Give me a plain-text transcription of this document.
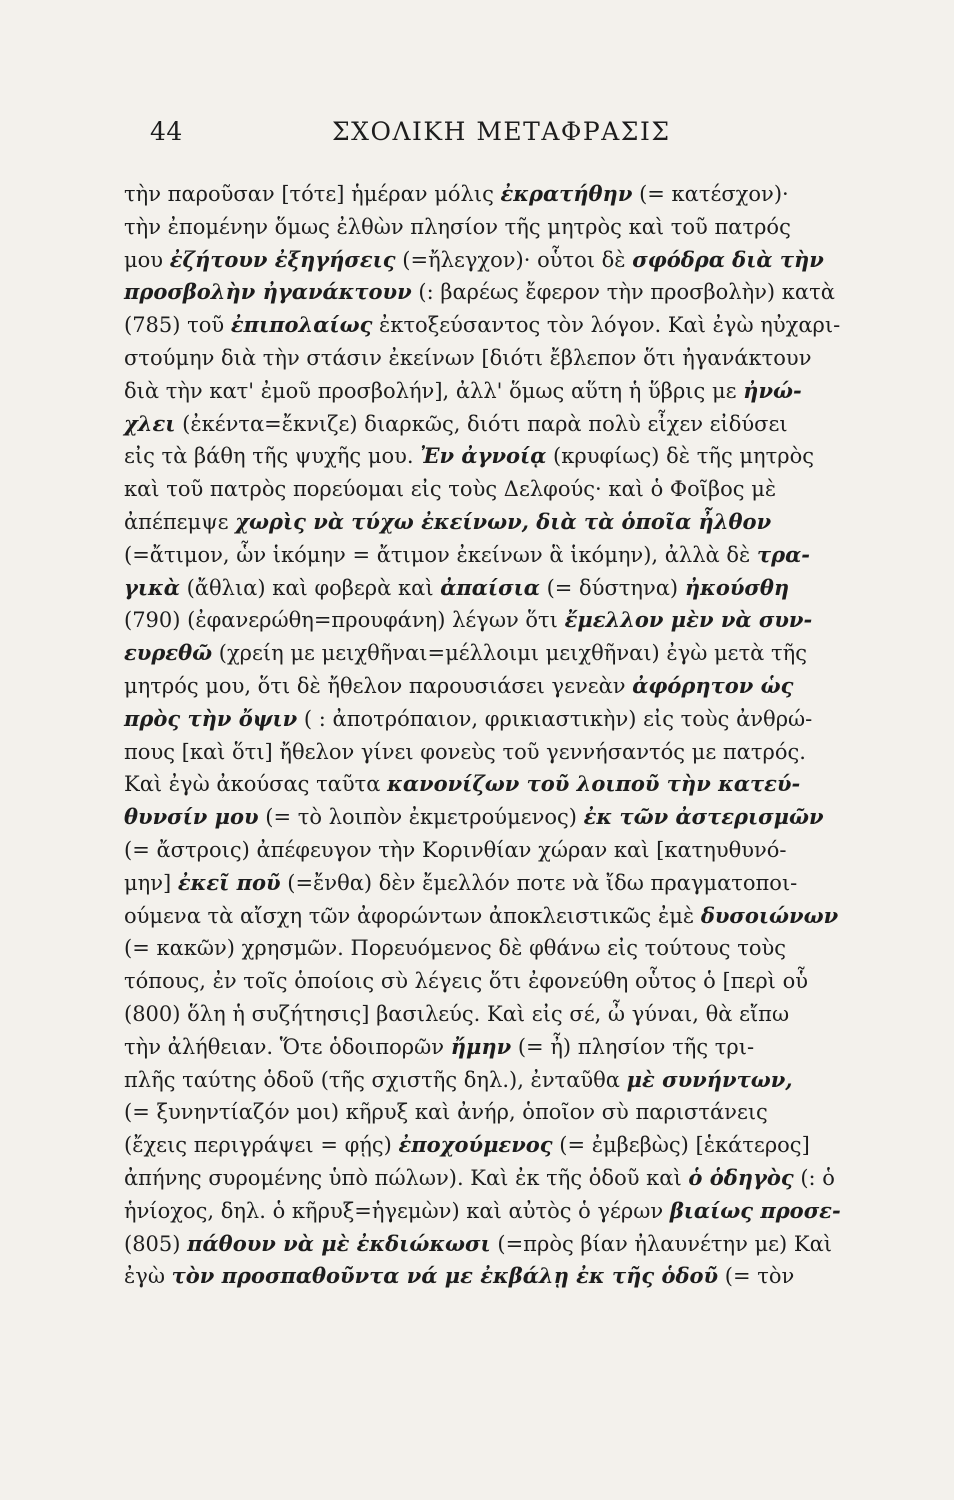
44	ΣΧΟΛΙΚΗ ΜΕΤΑΦΡΑΣΙΣ
τὴν παροῦσαν [τότε] ἡμέραν μόλις ἐκρατήθην (= κατέσχον)·
τὴν ἐπομένην ὅμως ἐλθὼν πλησίον τῆς μητρὸς καὶ τοῦ πατρός
μου ἐζήτουν ἐξηγήσεις (=ἤλεγχον)· οὗτοι δὲ σφόδρα διὰ τὴν
προσβολὴν ἠγανάκτουν (: βαρέως ἔφερον τὴν προσβολὴν) κατὰ
(785) τοῦ ἐπιπολαίως ἐκτοξεύσαντος τὸν λόγον. Καὶ ἐγὼ ηὐχαρι-
στούμην διὰ τὴν στάσιν ἐκείνων [διότι ἔβλεπον ὅτι ἠγανάκτουν
διὰ τὴν κατ' ἐμοῦ προσβολήν], ἀλλ' ὅμως αὕτη ἡ ὕβρις με ἠνώ-
χλει (ἐκέντα=ἔκνιζε) διαρκῶς, διότι παρὰ πολὺ εἶχεν εἰδύσει
εἰς τὰ βάθη τῆς ψυχῆς μου. Ἐν ἀγνοίᾳ (κρυφίως) δὲ τῆς μητρὸς
καὶ τοῦ πατρὸς πορεύομαι εἰς τοὺς Δελφούς· καὶ ὁ Φοῖβος μὲ
ἀπέπεμψε χωρὶς νὰ τύχω ἐκείνων, διὰ τὰ ὁποῖα ἦλθον
(=ἄτιμον, ὧν ἱκόμην = ἄτιμον ἐκείνων ἃ ἱκόμην), ἀλλὰ δὲ τρα-
γικὰ (ἄθλια) καὶ φοβερὰ καὶ ἀπαίσια (= δύστηνα) ἠκούσθη
(790) (ἐφανερώθη=προυφάνη) λέγων ὅτι ἔμελλον μὲν νὰ συν-
ευρεθῶ (χρείη με μειχθῆναι=μέλλοιμι μειχθῆναι) ἐγὼ μετὰ τῆς
μητρός μου, ὅτι δὲ ἤθελον παρουσιάσει γενεὰν ἀφόρητον ὡς
πρὸς τὴν ὄψιν ( : ἀποτρόπαιον, φρικιαστικὴν) εἰς τοὺς ἀνθρώ-
πους [καὶ ὅτι] ἤθελον γίνει φονεὺς τοῦ γεννήσαντός με πατρός.
Καὶ ἐγὼ ἀκούσας ταῦτα κανονίζων τοῦ λοιποῦ τὴν κατεύ-
θυνσίν μου (= τὸ λοιπὸν ἐκμετρούμενος) ἐκ τῶν ἀστερισμῶν
(= ἄστροις) ἀπέφευγον τὴν Κορινθίαν χώραν καὶ [κατηυθυνό-
μην] ἐκεῖ ποῦ (=ἔνθα) δὲν ἔμελλόν ποτε νὰ ἴδω πραγματοποι-
ούμενα τὰ αἴσχη τῶν ἀφορώντων ἀποκλειστικῶς ἐμὲ δυσοιώνων
(= κακῶν) χρησμῶν. Πορευόμενος δὲ φθάνω εἰς τούτους τοὺς
τόπους, ἐν τοῖς ὁποίοις σὺ λέγεις ὅτι ἐφονεύθη οὗτος ὁ [περὶ οὗ
(800) ὅλη ἡ συζήτησις] βασιλεύς. Καὶ εἰς σέ, ὦ γύναι, θὰ εἴπω
τὴν ἀλήθειαν. Ὅτε ὁδοιπορῶν ἤμην (= ἦ) πλησίον τῆς τρι-
πλῆς ταύτης ὁδοῦ (τῆς σχιστῆς δηλ.), ἐνταῦθα μὲ συνήντων,
(= ξυνηντίαζόν μοι) κῆρυξ καὶ ἀνήρ, ὁποῖον σὺ παριστάνεις
(ἔχεις περιγράψει = φῄς) ἐποχούμενος (= ἐμβεβὼς) [ἑκάτερος]
ἀπήνης συρομένης ὑπὸ πώλων). Καὶ ἐκ τῆς ὁδοῦ καὶ ὁ ὁδηγὸς (: ὁ
ἡνίοχος, δηλ. ὁ κῆρυξ=ἡγεμὼν) καὶ αὐτὸς ὁ γέρων βιαίως προσε-
(805) πάθουν νὰ μὲ ἐκδιώκωσι (=πρὸς βίαν ἠλαυνέτην με) Καὶ
ἐγὼ τὸν προσπαθοῦντα νά με ἐκβάλῃ ἐκ τῆς ὁδοῦ (= τὸν
